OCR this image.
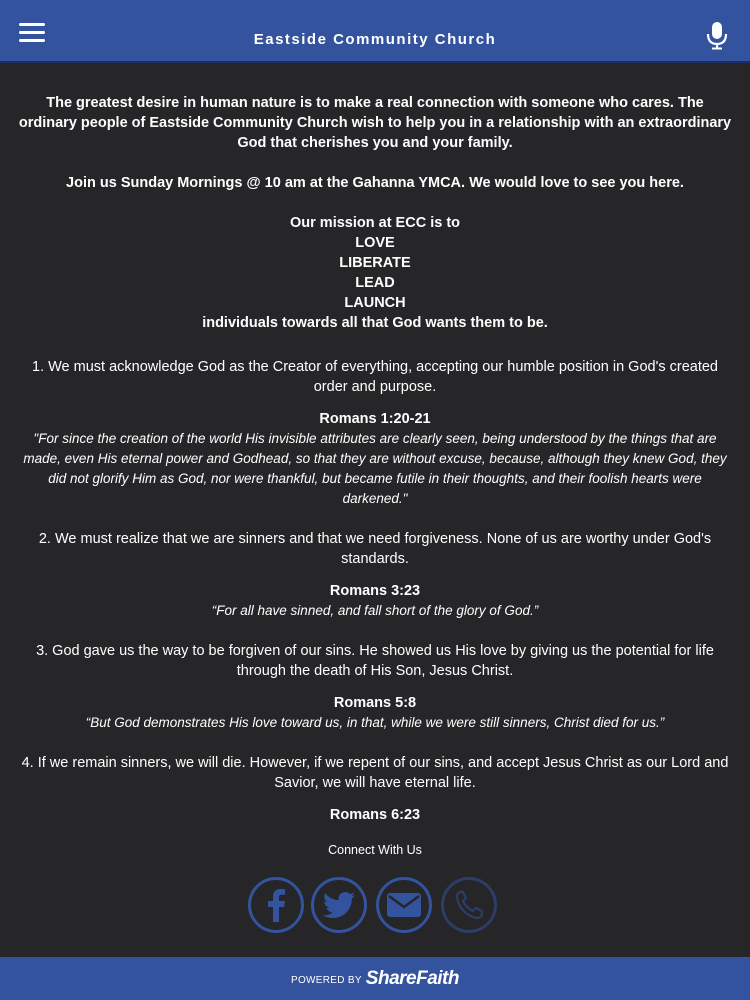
Eastside Community Church

The greatest desire in human nature is to make a real connection with someone who cares. The ordinary people of Eastside Community Church wish to help you in a relationship with an extraordinary God that cherishes you and your family.

Join us Sunday Mornings @ 10 am at the Gahanna YMCA. We would love to see you here.

Our mission at ECC is to

LOVE

LIBERATE

LEAD

LAUNCH

individuals towards all that God wants them to be.

1. We must acknowledge God as the Creator of everything, accepting our humble position in God's created order and purpose.
Romans 1:20-21
"For since the creation of the world His invisible attributes are clearly seen, being understood by the things that are made, even His eternal power and Godhead, so that they are without excuse, because, although they knew God, they did not glorify Him as God, nor were thankful, but became futile in their thoughts, and their foolish hearts were darkened."
2. We must realize that we are sinners and that we need forgiveness. None of us are worthy under God's standards.
Romans 3:23
“For all have sinned, and fall short of the glory of God.”
3. God gave us the way to be forgiven of our sins. He showed us His love by giving us the potential for life through the death of His Son, Jesus Christ.
Romans 5:8
“But God demonstrates His love toward us, in that, while we were still sinners, Christ died for us.”
4. If we remain sinners, we will die. However, if we repent of our sins, and accept Jesus Christ as our Lord and Savior, we will have eternal life.
Romans 6:23
Connect With Us
POWERED BY ShareFaith
